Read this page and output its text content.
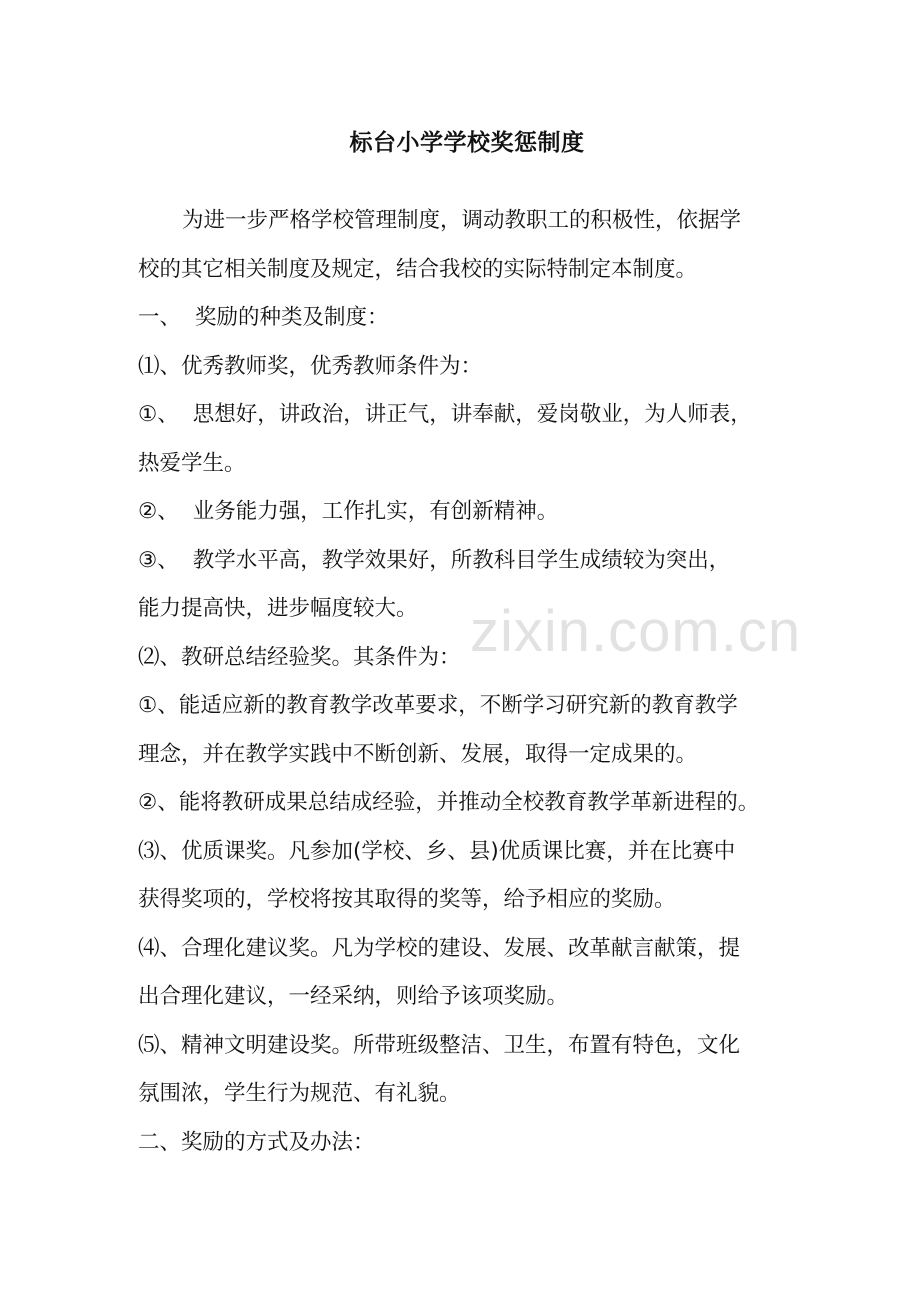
标台小学学校奖惩制度
为进一步严格学校管理制度，调动教职工的积极性，依据学
校的其它相关制度及规定，结合我校的实际特制定本制度。
一、 奖励的种类及制度：
⑴、优秀教师奖，优秀教师条件为：
①、 思想好，讲政治，讲正气，讲奉献，爱岗敬业，为人师表，
热爱学生。
②、 业务能力强，工作扎实，有创新精神。
③、 教学水平高，教学效果好，所教科目学生成绩较为突出，
能力提高快，进步幅度较大。
⑵、教研总结经验奖。其条件为：
①、能适应新的教育教学改革要求，不断学习研究新的教育教学
理念，并在教学实践中不断创新、发展，取得一定成果的。
②、能将教研成果总结成经验，并推动全校教育教学革新进程的。
⑶、优质课奖。凡参加(学校、乡、县)优质课比赛，并在比赛中
获得奖项的，学校将按其取得的奖等，给予相应的奖励。
⑷、合理化建议奖。凡为学校的建设、发展、改革献言献策，提
出合理化建议，一经采纳，则给予该项奖励。
⑸、精神文明建设奖。所带班级整洁、卫生，布置有特色，文化
氛围浓，学生行为规范、有礼貌。
二、奖励的方式及办法：
zixin.com.cn
